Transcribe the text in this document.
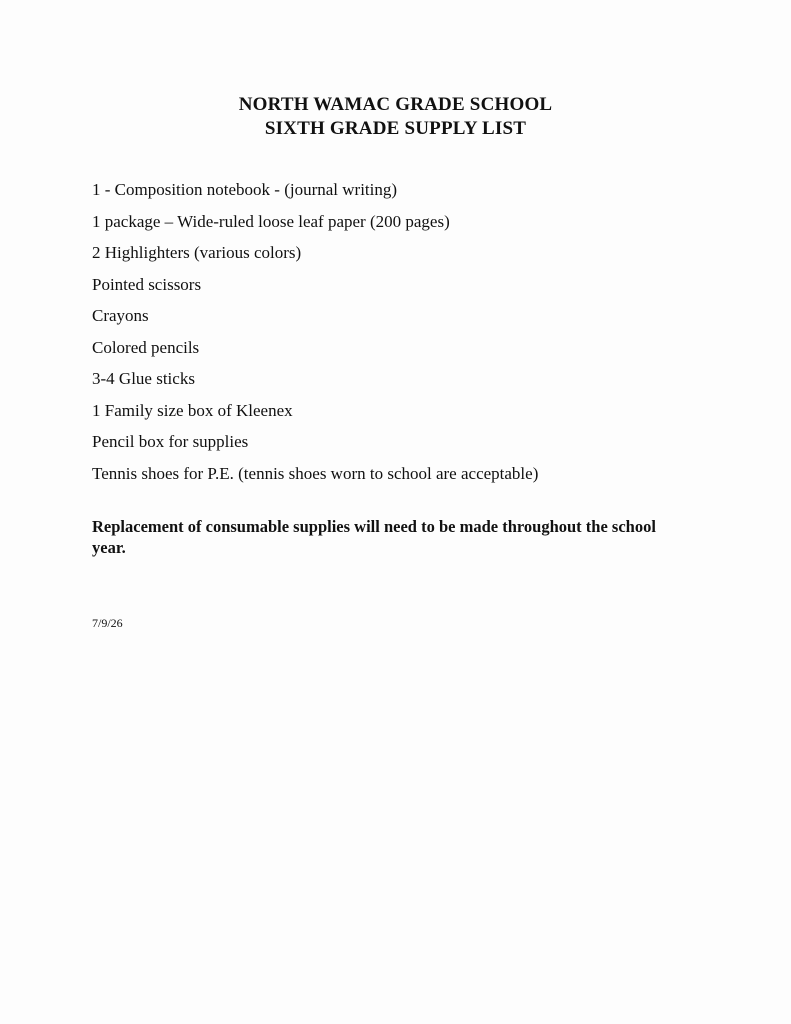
NORTH WAMAC GRADE SCHOOL
SIXTH GRADE SUPPLY LIST
1 - Composition notebook - (journal writing)
1 package – Wide-ruled loose leaf paper (200 pages)
2 Highlighters (various colors)
Pointed scissors
Crayons
Colored pencils
3-4 Glue sticks
1 Family size box of Kleenex
Pencil box for supplies
Tennis shoes for P.E. (tennis shoes worn to school are acceptable)
Replacement of consumable supplies will need to be made throughout the school year.
7/9/26
